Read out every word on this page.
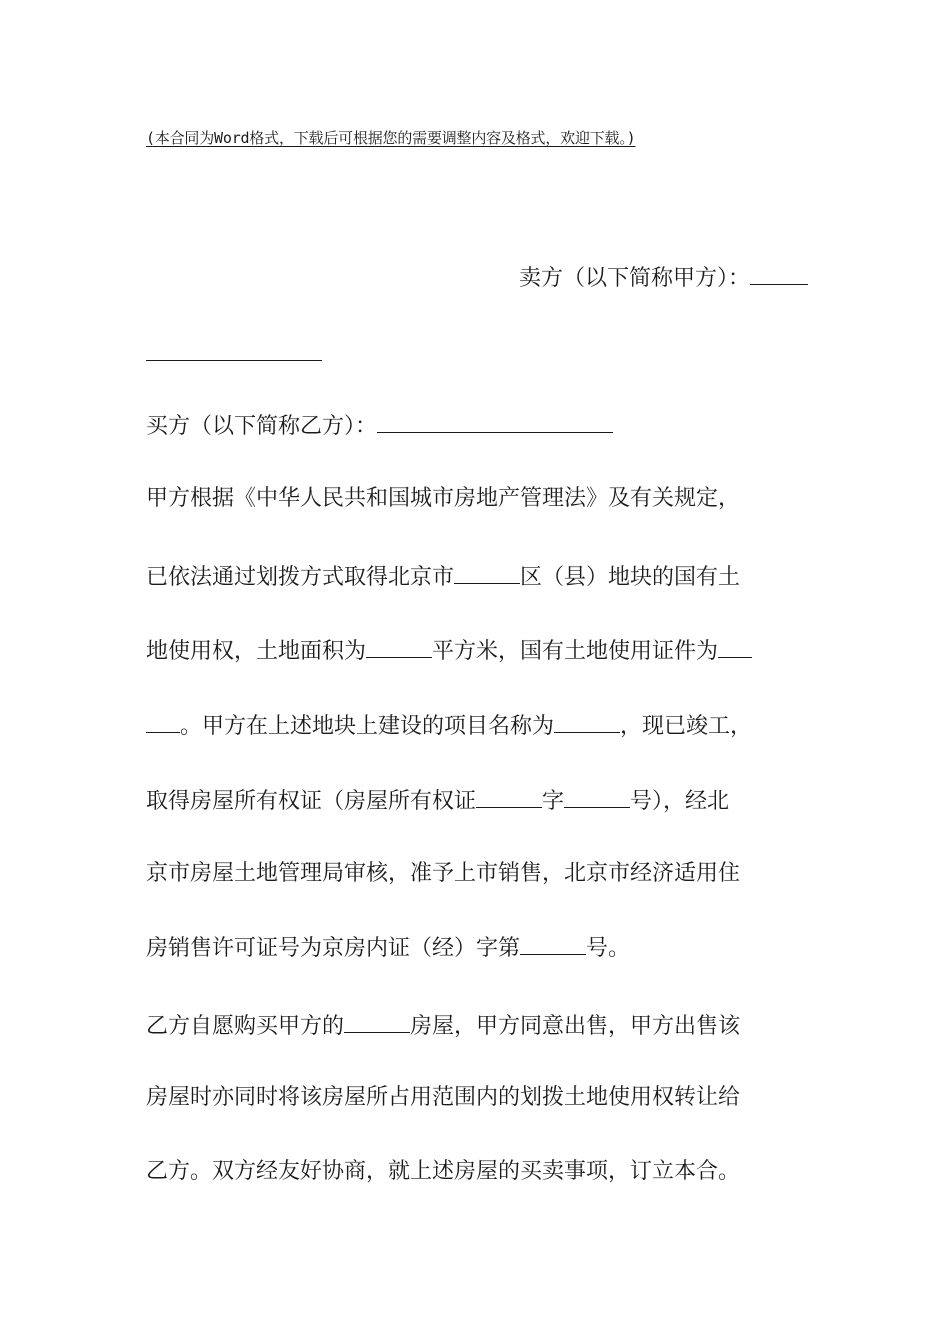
(本合同为Word格式，下载后可根据您的需要调整内容及格式，欢迎下载。)
卖方（以下简称甲方）：
买方（以下简称乙方）：
甲方根据《中华人民共和国城市房地产管理法》及有关规定，
已依法通过划拨方式取得北京市	区（县）地块的国有土
地使用权，土地面积为	平方米，国有土地使用证件为
。甲方在上述地块上建设的项目名称为	，现已竣工，
取得房屋所有权证（房屋所有权证	字	号），经北
京市房屋土地管理局审核，准予上市销售，北京市经济适用住
房销售许可证号为京房内证（经）字第	号。
乙方自愿购买甲方的	房屋，甲方同意出售，甲方出售该
房屋时亦同时将该房屋所占用范围内的划拨土地使用权转让给
乙方。双方经友好协商，就上述房屋的买卖事项，订立本合。
